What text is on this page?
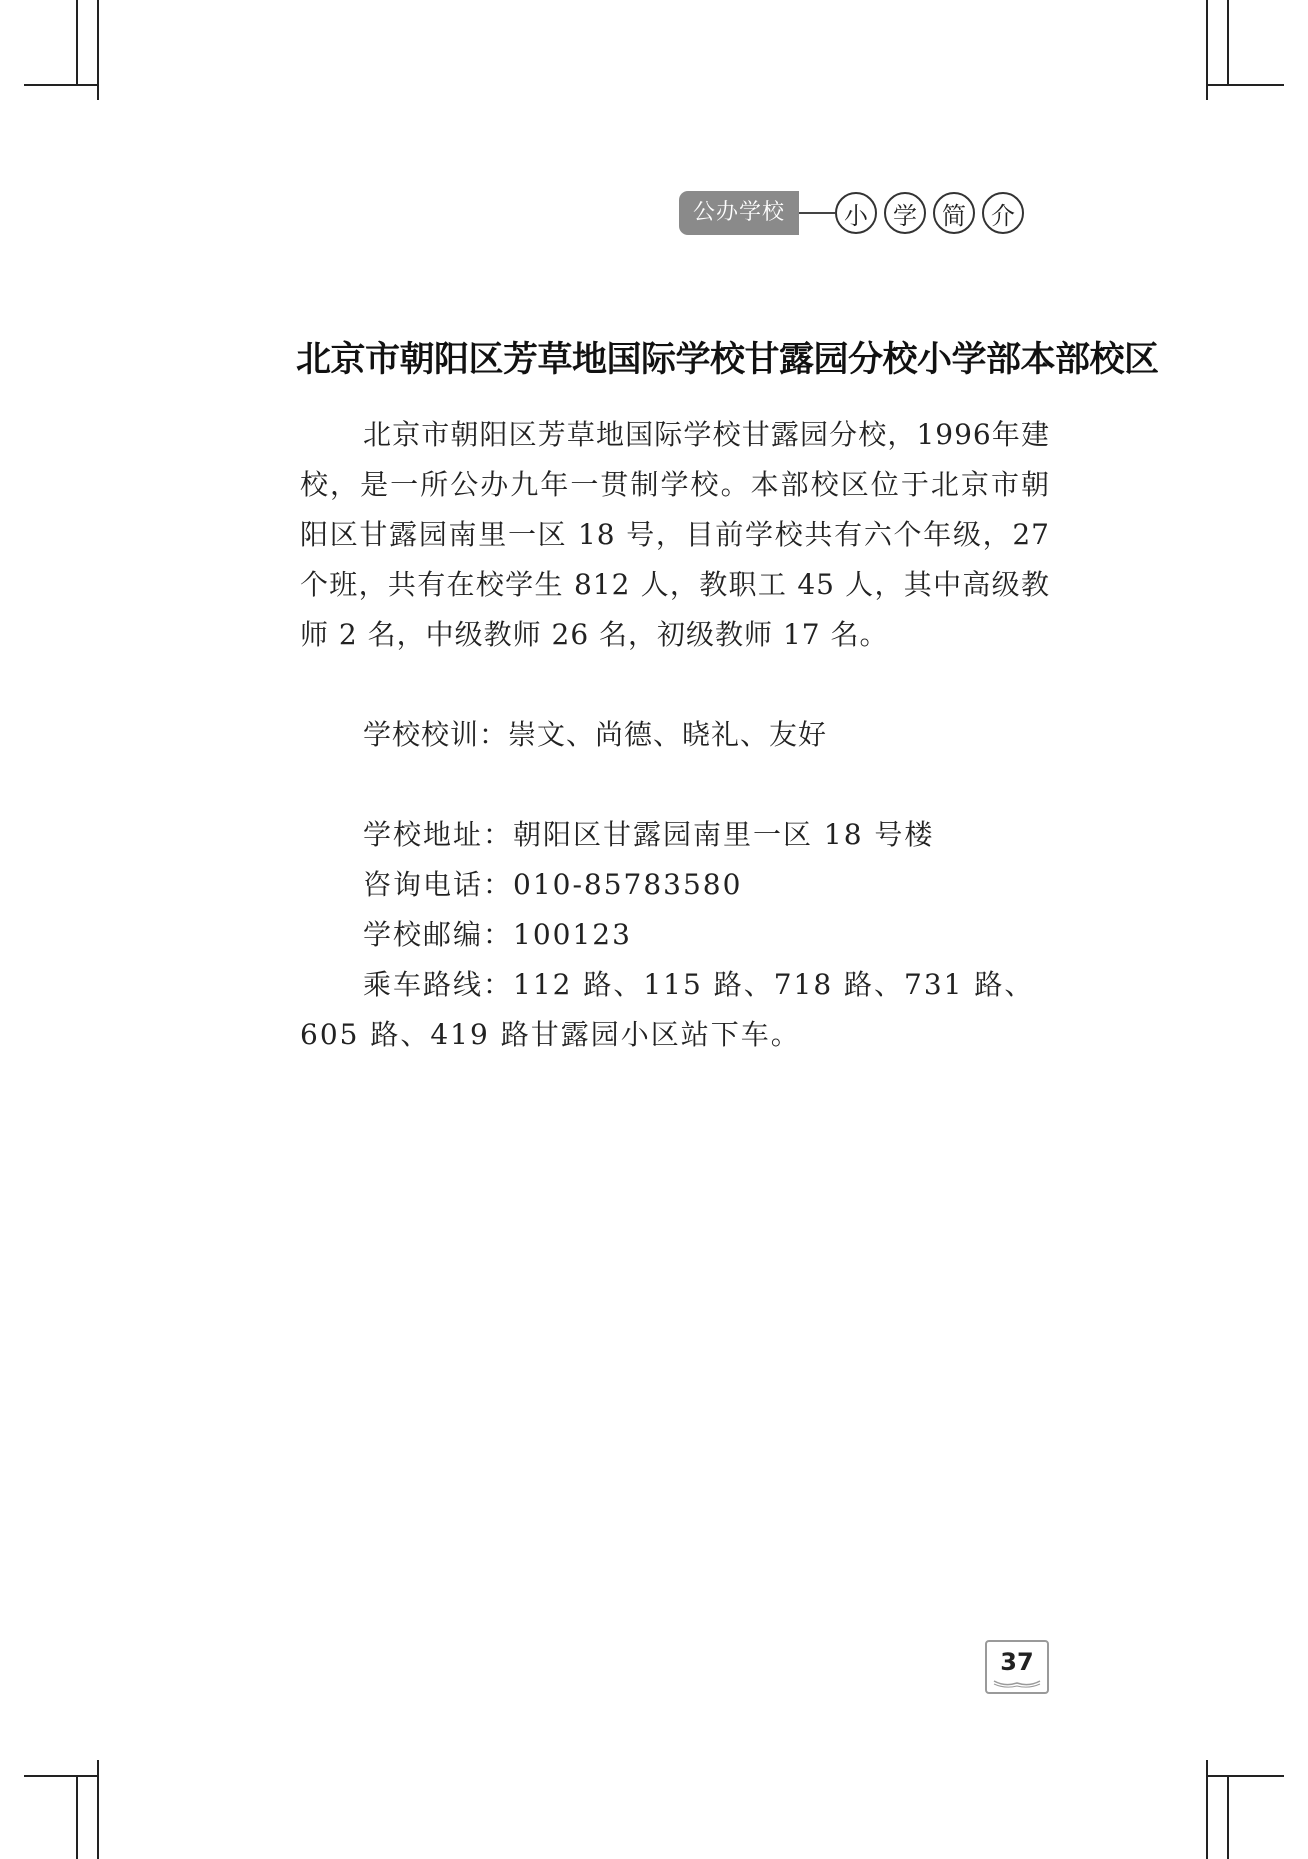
公办学校	小	学	简	介
北京市朝阳区芳草地国际学校甘露园分校小学部本部校区

北京市朝阳区芳草地国际学校甘露园分校，1996年建校，是一所公办九年一贯制学校。本部校区位于北京市朝阳区甘露园南里一区 18 号，目前学校共有六个年级，27 个班，共有在校学生 812 人，教职工 45 人，其中高级教师 2 名，中级教师 26 名，初级教师 17 名。

学校校训：崇文、尚德、晓礼、友好

学校地址：朝阳区甘露园南里一区 18 号楼

咨询电话：010-85783580

学校邮编：100123

乘车路线：112 路、115 路、718 路、731 路、605 路、419 路甘露园小区站下车。

37
